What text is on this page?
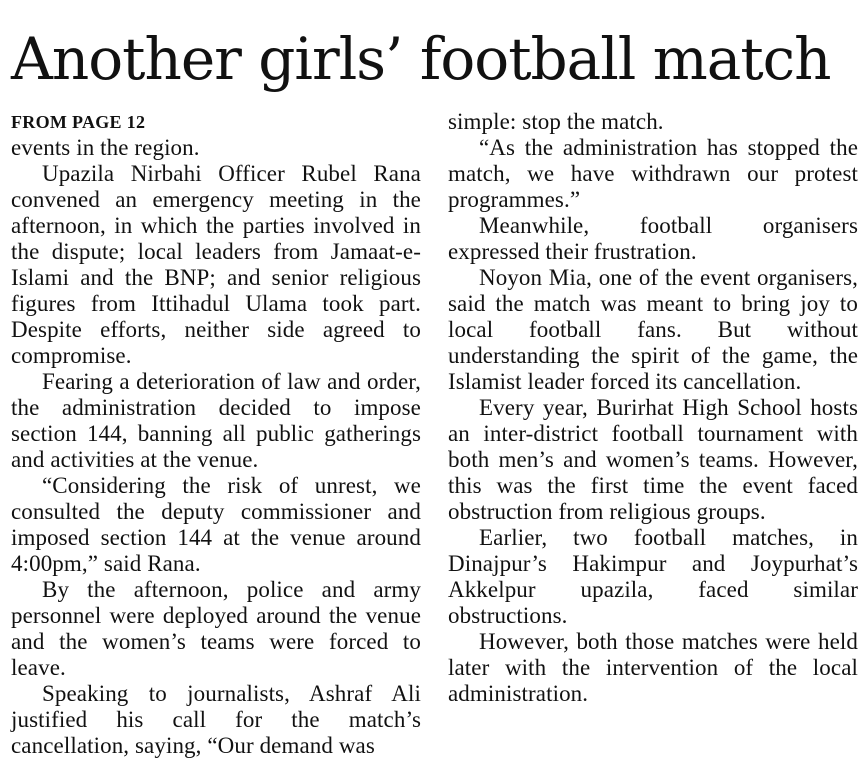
Another girls’ football match
FROM PAGE 12

events in the region.

Upazila Nirbahi Officer Rubel Rana convened an emergency meeting in the afternoon, in which the parties involved in the dispute; local leaders from Jamaat-e-Islami and the BNP; and senior religious figures from Ittihadul Ulama took part. Despite efforts, neither side agreed to compromise.

Fearing a deterioration of law and order, the administration decided to impose section 144, banning all public gatherings and activities at the venue.

“Considering the risk of unrest, we consulted the deputy commissioner and imposed section 144 at the venue around 4:00pm,” said Rana.

By the afternoon, police and army personnel were deployed around the venue and the women’s teams were forced to leave.

Speaking to journalists, Ashraf Ali justified his call for the match’s cancellation, saying, “Our demand was

simple: stop the match.

“As the administration has stopped the match, we have withdrawn our protest programmes.”

Meanwhile, football organisers expressed their frustration.

Noyon Mia, one of the event organisers, said the match was meant to bring joy to local football fans. But without understanding the spirit of the game, the Islamist leader forced its cancellation.

Every year, Burirhat High School hosts an inter-district football tournament with both men’s and women’s teams. However, this was the first time the event faced obstruction from religious groups.

Earlier, two football matches, in Dinajpur’s Hakimpur and Joypurhat’s Akkelpur upazila, faced similar obstructions.

However, both those matches were held later with the intervention of the local administration.
